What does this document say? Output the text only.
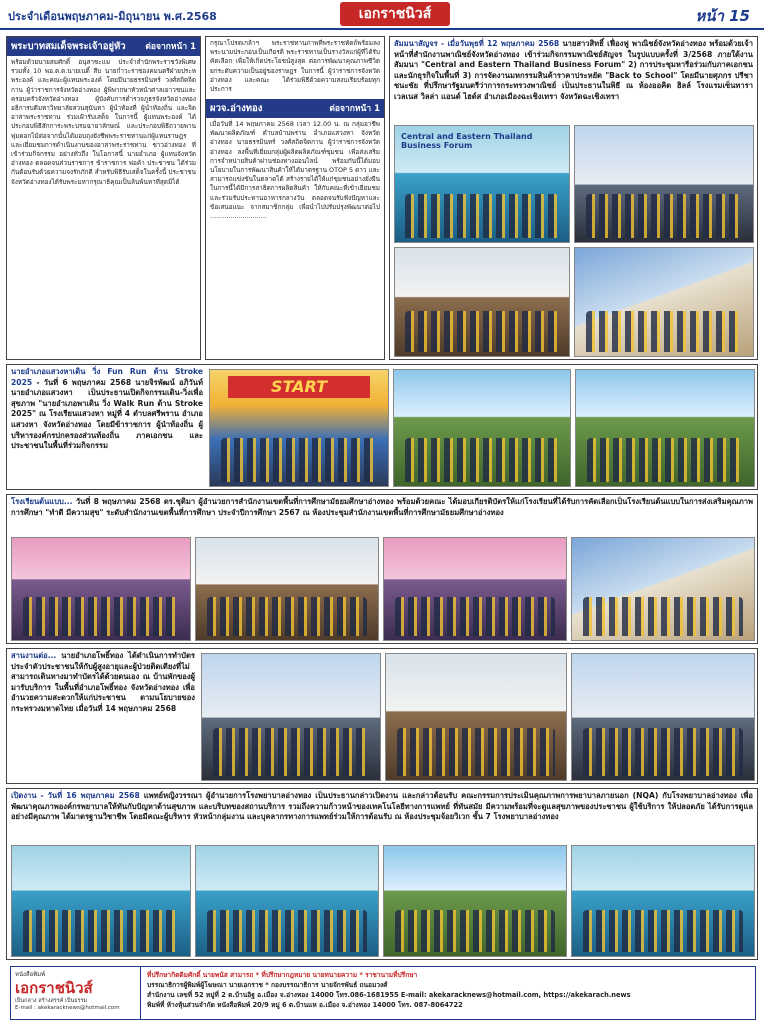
ประจำเดือนพฤษภาคม-มิถุนายน พ.ศ.2568	เอกราชนิวส์	หน้า 15
พระบาทสมเด็จพระเจ้าอยู่หัว ต่อจากหน้า 1
พร้อมด้วยนายสมศักดิ์ อนุสาชะแม ประจำสำนักพระราชวังพิเศษ รวมทั้ง 10 พอ.ต.ด.นายเนติ์ สืบ นายกำวะราชองคมนตรีฝ่ายประห พระองค์ และคณะผู้แทนพระองค์ โดยมีนายธรรมินทร์ วงศ์สถิตจิตกาน ผู้ว่าราชการจังหวัดอ่างทอง ผู้พิพากษาหัวหน้าศาลเยาวชนและครอบครัวจังหวัดอ่างทอง ผู้บังคับการตำรวจภูธรจังหวัดอ่างทอง อธิการบดีมหาวิทยาลัยสวนสุนันทา ผู้นำท้องที่ ผู้นำท้องถิ่น และจิตอาสาพระราชทาน ร่วมเฝ้ารับเสด็จ ในการนี้ ผู้แทนพระองค์ ได้ประกอบพิธีสักการะพระบรมฉายาลักษณ์ และประกอบพิธีถวายพานพุ่มดอกไม้ต่อจากนั้นได้มอบถุงยังชีพพระราชทานแก่ผู้แทนราษฎร และเยี่ยมชมการดำเนินงานของอาสาพระราชทาน ชาวอ่างทอง ที่เข้าร่วมกิจกรรม อย่างทั่วถึง ในโอกาสนี้ นายอำเภอ ผู้แทนจังหวัดอ่างทอง ตลอดจนส่วนราชการ ข้าราชการ พ่อค้า ประชาชน ได้ร่วมกันต้อนรับด้วยความจงรักภักดี สำหรับพิธีรับเสด็จในครั้งนี้ ประชาชนจังหวัดอ่างทองได้รับพระมหากรุณาธิคุณเป็นล้นพ้นหาที่สุดมิได้
กรุณาโปรดเกล้าฯ พระราชทานภาพที่พระราชหัตถ์พร้อมลงพระนามประกอบเป็นเกียรติ พระราชทานเป็นรางวัลแก่ผู้ที่ได้รับคัดเลือก เพื่อให้เกิดประโยชน์สูงสุด ต่อการพัฒนาคุณภาพชีวิต ยกระดับความเป็นอยู่ของราษฎร ในการนี้ ผู้ว่าราชการจังหวัดอ่างทอง และคณะ ได้ร่วมพิธีด้วยความสงบเรียบร้อยทุกประการ
ผวจ.อ่างทอง	ต่อจากหน้า 1
เมื่อวันที่ 14 พฤษภาคม 2568 เวลา 12.00 น. ณ กลุ่มอาชีพพัฒนาผลิตภัณฑ์ ตำบลบ้านพราน อำเภอแสวงหา จังหวัดอ่างทอง นายธรรมินทร์ วงศ์สถิตจิตกาน ผู้ว่าราชการจังหวัดอ่างทอง ลงพื้นที่เยี่ยมกลุ่มผู้ผลิตผลิตภัณฑ์ชุมชน เพื่อส่งเสริมการจำหน่ายสินค้าผ่านช่องทางออนไลน์ พร้อมกันนี้ได้มอบนโยบายในการพัฒนาสินค้าให้ได้มาตรฐาน OTOP 5 ดาว และสามารถแข่งขันในตลาดได้ สร้างรายได้ให้แก่ชุมชนอย่างยั่งยืน ในการนี้ได้มีการสาธิตการผลิตสินค้า ให้กับคณะที่เข้าเยี่ยมชม และร่วมรับประทานอาหารกลางวัน ตลอดจนรับฟังปัญหาและข้อเสนอแนะ จากสมาชิกกลุ่ม เพื่อนำไปปรับปรุงพัฒนาต่อไป ............................
สัมมนาสัญจร - เมื่อวันพุธที่ 12 พฤษภาคม 2568 นายสาวสิทธิ์ เฟื่องฟู พาณิชย์จังหวัดอ่างทอง พร้อมด้วยเจ้าหน้าที่สำนักงานพาณิชย์จังหวัดอ่างทอง เข้าร่วมกิจกรรมพาณิชย์สัญจร ในรูปแบบครั้งที่ 3/2568 ภายใต้งานสัมมนา "Central and Eastern Thailand Business Forum" 2) การประชุมหารือร่วมกับภาคเอกชนและนักธุรกิจในพื้นที่ 3) การจัดงานมหกรรมสินค้าราคาประหยัด "Back to School" โดยมีนายศุภกร ปรีชาชนะชัย ที่ปรึกษารัฐมนตรีว่าการกระทรวงพาณิชย์ เป็นประธานในพิธี ณ ห้องออคิด ฮิลล์ โรงแรมเซ็นทารา เวลเนส วิลล่า แอนด์ ไฮด์ส อำเภอเมืองฉะเชิงเทรา จังหวัดฉะเชิงเทรา
Central and Eastern Thailand Business Forum
นายอำเภอแสวงหาเดิน วิ่ง Fun Run ต้าน Stroke 2025 - วันที่ 6 พฤษภาคม 2568 นายจิรพัฒน์ อภิวันท์ นายอำเภอแสวงหา เป็นประธานเปิดกิจกรรมเดิน-วิ่งเพื่อสุขภาพ "นายอำเภอพาเดิน วิ่ง Walk Run ต้าน Stroke 2025" ณ โรงเรียนแสวงหา หมู่ที่ 4 ตำบลศรีพราน อำเภอแสวงหา จังหวัดอ่างทอง โดยมีข้าราชการ ผู้นำท้องถิ่น ผู้บริหารองค์กรปกครองส่วนท้องถิ่น ภาคเอกชน และประชาชนในพื้นที่ร่วมกิจกรรม
START
โรงเรียนต้นแบบ... วันที่ 8 พฤษภาคม 2568 ดร.ชุติมา ผู้อำนวยการสำนักงานเขตพื้นที่การศึกษามัธยมศึกษาอ่างทอง พร้อมด้วยคณะ ได้มอบเกียรติบัตรให้แก่โรงเรียนที่ได้รับการคัดเลือกเป็นโรงเรียนต้นแบบในการส่งเสริมคุณภาพการศึกษา "ทำดี มีความสุข" ระดับสำนักงานเขตพื้นที่การศึกษา ประจำปีการศึกษา 2567 ณ ห้องประชุมสำนักงานเขตพื้นที่การศึกษามัธยมศึกษาอ่างทอง
สานงานต่อ... นายอำเภอโพธิ์ทอง ได้ดำเนินการทำบัตรประจำตัวประชาชนให้กับผู้สูงอายุและผู้ป่วยติดเตียงที่ไม่สามารถเดินทางมาทำบัตรได้ด้วยตนเอง ณ บ้านพักของผู้มารับบริการ ในพื้นที่อำเภอโพธิ์ทอง จังหวัดอ่างทอง เพื่ออำนวยความสะดวกให้แก่ประชาชน ตามนโยบายของกระทรวงมหาดไทย เมื่อวันที่ 14 พฤษภาคม 2568
เปิดงาน - วันที่ 16 พฤษภาคม 2568 แพทย์หญิงวรรณา ผู้อำนวยการโรงพยาบาลอ่างทอง เป็นประธานกล่าวเปิดงาน และกล่าวต้อนรับ คณะกรรมการประเมินคุณภาพการพยาบาลภายนอก (NQA) กับโรงพยาบาลอ่างทอง เพื่อพัฒนาคุณภาพองค์กรพยาบาลให้ทันกับปัญหาด้านสุขภาพ และบริบทของสถานบริการ รวมถึงความก้าวหน้าของเทคโนโลยีทางการแพทย์ ที่ทันสมัย มีความพร้อมที่จะดูแลสุขภาพของประชาชน ผู้ใช้บริการ ให้ปลอดภัย ได้รับการดูแลอย่างมีคุณภาพ ได้มาตรฐานวิชาชีพ โดยมีคณะผู้บริหาร หัวหน้ากลุ่มงาน และบุคลากรทางการแพทย์ร่วมให้การต้อนรับ ณ ห้องประชุมจ้อยวิเวก ชั้น 7 โรงพยาบาลอ่างทอง
หนังสือพิมพ์
เอกราชนิวส์
เป็นกลาง สร้างสรรค์ เป็นธรรม
E-mail : akekaracknews@hotmail.com
ที่ปรึกษากิตติมศักดิ์ นายพนัส สามารถ * ที่ปรึกษากฎหมาย นายทนายความ * ราชานามที่ปรึกษา
บรรณาธิการผู้พิมพ์ผู้โฆษณา นายเอกราช * กองบรรณาธิการ นายจักรพันธ์ ถนอมวงศ์
สำนักงาน เลขที่ 52 หมู่ที่ 2 ต.บ้านอิฐ อ.เมือง จ.อ่างทอง 14000 โทร.086-1681955 E-mail: akekaracknews@hotmail.com, https://akekarach.news
พิมพ์ที่ ห้างหุ้นส่วนจำกัด หนังสือพิมพ์ 20/9 หมู่ 6 ต.บ้านแห อ.เมือง จ.อ่างทอง 14000 โทร. 087-8064722
